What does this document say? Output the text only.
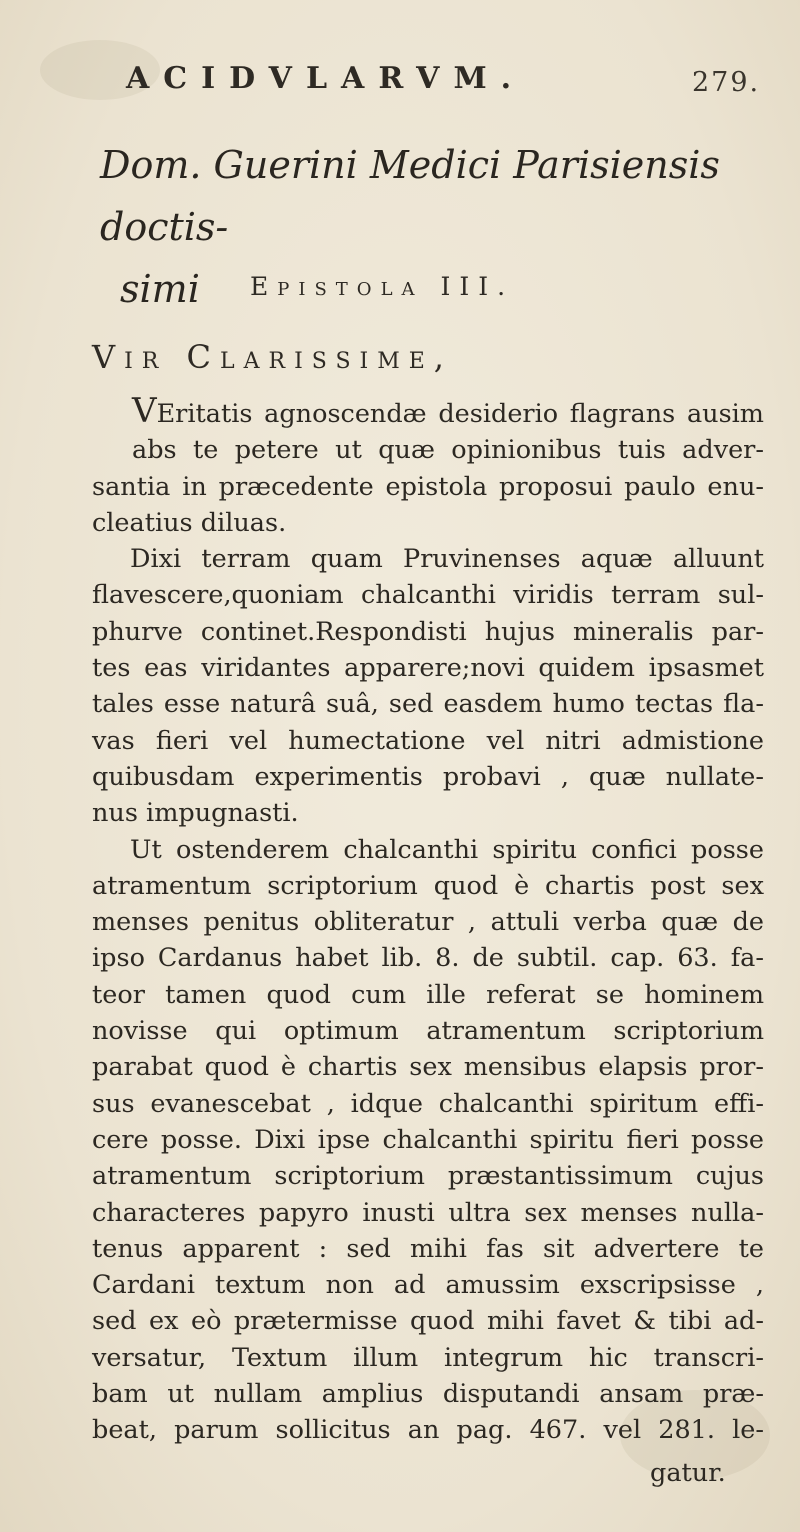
ACIDVLARVM.	279.
Dom. Guerini Medici Parisiensis doctis-
simi	Epistola III.
Vir Clarissime,
VEritatis agnoscendæ desiderio flagrans ausim
abs te petere ut quæ opinionibus tuis adver-
santia in præcedente epistola proposui paulo enu-
cleatius diluas.
Dixi terram quam Pruvinenses aquæ alluunt
flavescere,quoniam chalcanthi viridis terram sul-
phurve continet.Respondisti hujus mineralis par-
tes eas viridantes apparere;novi quidem ipsasmet
tales esse naturâ suâ, sed easdem humo tectas fla-
vas fieri vel humectatione vel nitri admistione
quibusdam experimentis probavi , quæ nullate-
nus impugnasti.
Ut ostenderem chalcanthi spiritu confici posse
atramentum scriptorium quod è chartis post sex
menses penitus obliteratur , attuli verba quæ de
ipso Cardanus habet lib. 8. de subtil. cap. 63. fa-
teor tamen quod cum ille referat se hominem
novisse qui optimum atramentum scriptorium
parabat quod è chartis sex mensibus elapsis pror-
sus evanescebat , idque chalcanthi spiritum effi-
cere posse. Dixi ipse chalcanthi spiritu fieri posse
atramentum scriptorium præstantissimum cujus
characteres papyro inusti ultra sex menses nulla-
tenus apparent : sed mihi fas sit advertere te
Cardani textum non ad amussim exscripsisse ,
sed ex eò prætermisse quod mihi favet & tibi ad-
versatur, Textum illum integrum hic transcri-
bam ut nullam amplius disputandi ansam præ-
beat, parum sollicitus an pag. 467. vel 281. le-
gatur.
